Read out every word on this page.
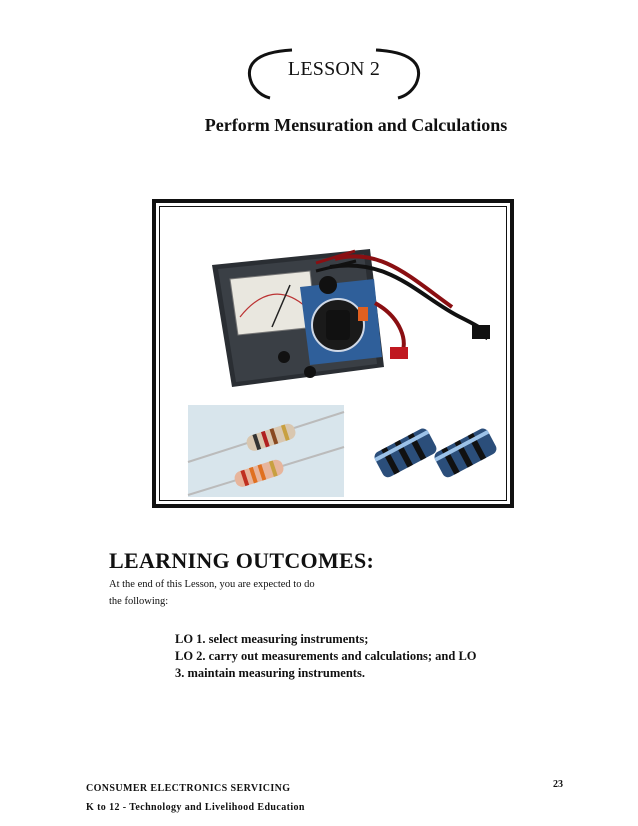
LESSON 2
Perform Mensuration and Calculations
LEARNING OUTCOMES:
At the end of this Lesson, you are expected to do
the following:
LO 1. select measuring instruments;
LO 2. carry out measurements and calculations; and LO
3. maintain measuring instruments.
CONSUMER ELECTRONICS SERVICING
K to 12 - Technology and Livelihood Education
23
